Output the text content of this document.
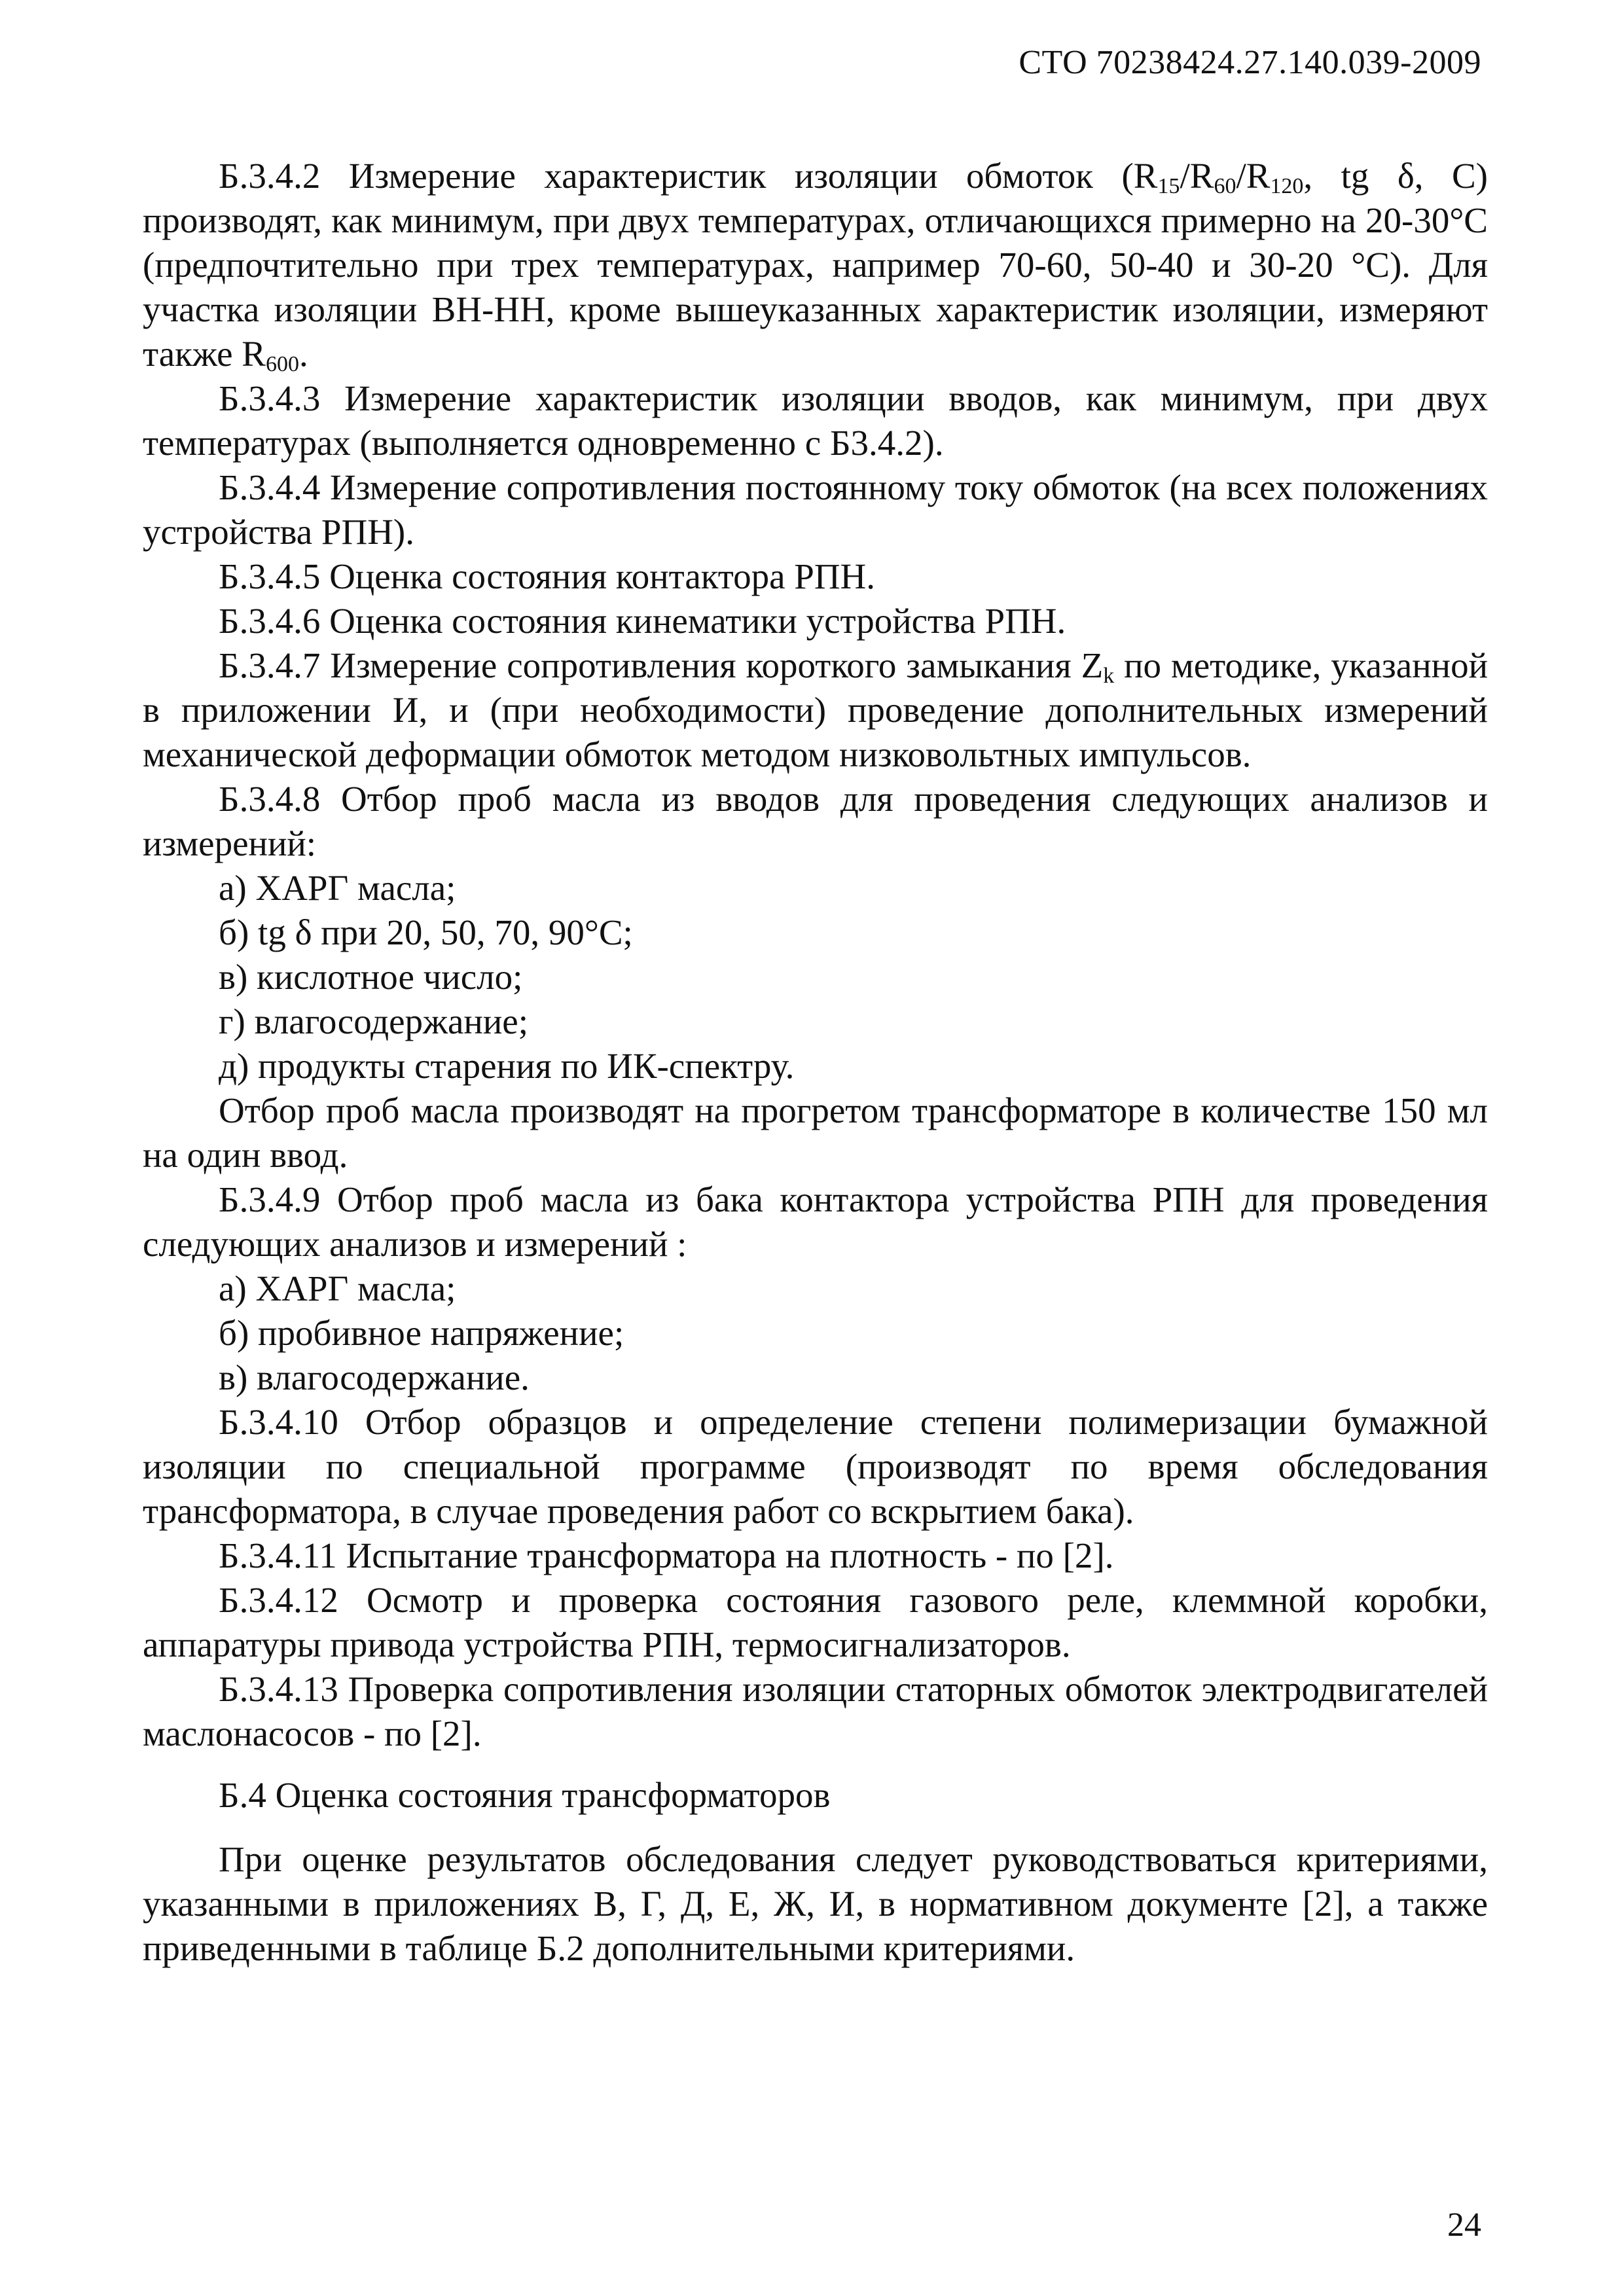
СТО 70238424.27.140.039-2009

Б.3.4.2 Измерение характеристик изоляции обмоток ($R_{15}/R_{60}/R_{120}$, tg δ, C) производят, как минимум, при двух температурах, отличающихся примерно на 20-30°С (предпочтительно при трех температурах, например 70-60, 50-40 и 30-20 °С). Для участка изоляции ВН-НН, кроме вышеуказанных характеристик изоляции, измеряют также $R_{600}$.

Б.3.4.3 Измерение характеристик изоляции вводов, как минимум, при двух температурах (выполняется одновременно с Б3.4.2).

Б.3.4.4 Измерение сопротивления постоянному току обмоток (на всех положениях устройства РПН).

Б.3.4.5 Оценка состояния контактора РПН.

Б.3.4.6 Оценка состояния кинематики устройства РПН.

Б.3.4.7 Измерение сопротивления короткого замыкания $Z_k$ по методике, указанной в приложении И, и (при необходимости) проведение дополнительных измерений механической деформации обмоток методом низковольтных импульсов.

Б.3.4.8 Отбор проб масла из вводов для проведения следующих анализов и измерений:

а) ХАРГ масла;

б) tg δ при 20, 50, 70, 90°С;

в) кислотное число;

г) влагосодержание;

д) продукты старения по ИК-спектру.

Отбор проб масла производят на прогретом трансформаторе в количестве 150 мл на один ввод.

Б.3.4.9 Отбор проб масла из бака контактора устройства РПН для проведения следующих анализов и измерений :

а) ХАРГ масла;

б) пробивное напряжение;

в) влагосодержание.

Б.3.4.10 Отбор образцов и определение степени полимеризации бумажной изоляции по специальной программе (производят по время обследования трансформатора, в случае проведения работ со вскрытием бака).

Б.3.4.11 Испытание трансформатора на плотность - по [2].

Б.3.4.12 Осмотр и проверка состояния газового реле, клеммной коробки, аппаратуры привода устройства РПН, термосигнализаторов.

Б.3.4.13 Проверка сопротивления изоляции статорных обмоток электродвигателей маслонасосов - по [2].

Б.4 Оценка состояния трансформаторов

При оценке результатов обследования следует руководствоваться критериями, указанными в приложениях В, Г, Д, Е, Ж, И, в нормативном документе [2], а также приведенными в таблице Б.2 дополнительными критериями.

24
